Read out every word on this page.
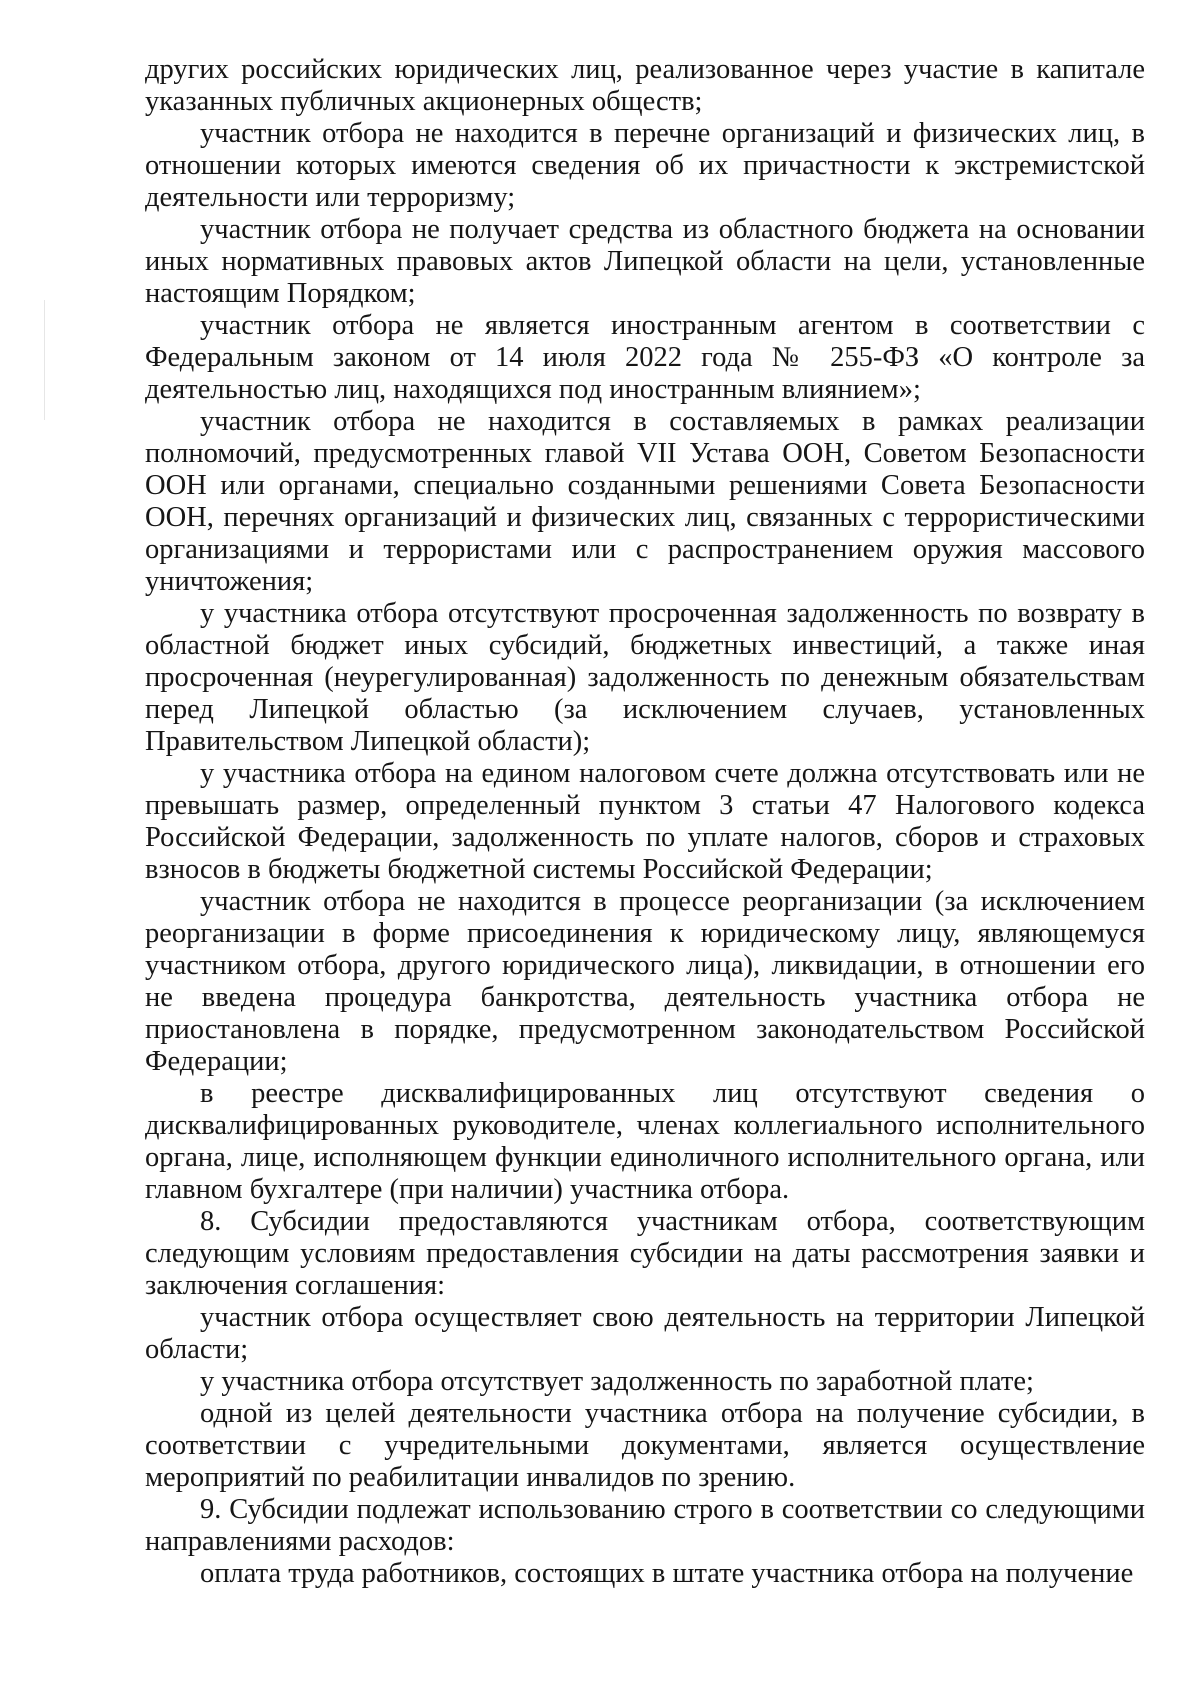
других российских юридических лиц, реализованное через участие в капитале указанных публичных акционерных обществ;

участник отбора не находится в перечне организаций и физических лиц, в отношении которых имеются сведения об их причастности к экстремистской деятельности или терроризму;

участник отбора не получает средства из областного бюджета на основании иных нормативных правовых актов Липецкой области на цели, установленные настоящим Порядком;

участник отбора не является иностранным агентом в соответствии с Федеральным законом от 14 июля 2022 года № 255-ФЗ «О контроле за деятельностью лиц, находящихся под иностранным влиянием»;

участник отбора не находится в составляемых в рамках реализации полномочий, предусмотренных главой VII Устава ООН, Советом Безопасности ООН или органами, специально созданными решениями Совета Безопасности ООН, перечнях организаций и физических лиц, связанных с террористическими организациями и террористами или с распространением оружия массового уничтожения;

у участника отбора отсутствуют просроченная задолженность по возврату в областной бюджет иных субсидий, бюджетных инвестиций, а также иная просроченная (неурегулированная) задолженность по денежным обязательствам перед Липецкой областью (за исключением случаев, установленных Правительством Липецкой области);

у участника отбора на едином налоговом счете должна отсутствовать или не превышать размер, определенный пунктом 3 статьи 47 Налогового кодекса Российской Федерации, задолженность по уплате налогов, сборов и страховых взносов в бюджеты бюджетной системы Российской Федерации;

участник отбора не находится в процессе реорганизации (за исключением реорганизации в форме присоединения к юридическому лицу, являющемуся участником отбора, другого юридического лица), ликвидации, в отношении его не введена процедура банкротства, деятельность участника отбора не приостановлена в порядке, предусмотренном законодательством Российской Федерации;

в реестре дисквалифицированных лиц отсутствуют сведения о дисквалифицированных руководителе, членах коллегиального исполнительного органа, лице, исполняющем функции единоличного исполнительного органа, или главном бухгалтере (при наличии) участника отбора.

8. Субсидии предоставляются участникам отбора, соответствующим следующим условиям предоставления субсидии на даты рассмотрения заявки и заключения соглашения:

участник отбора осуществляет свою деятельность на территории Липецкой области;

у участника отбора отсутствует задолженность по заработной плате;

одной из целей деятельности участника отбора на получение субсидии, в соответствии с учредительными документами, является осуществление мероприятий по реабилитации инвалидов по зрению.

9. Субсидии подлежат использованию строго в соответствии со следующими направлениями расходов:

оплата труда работников, состоящих в штате участника отбора на получение
